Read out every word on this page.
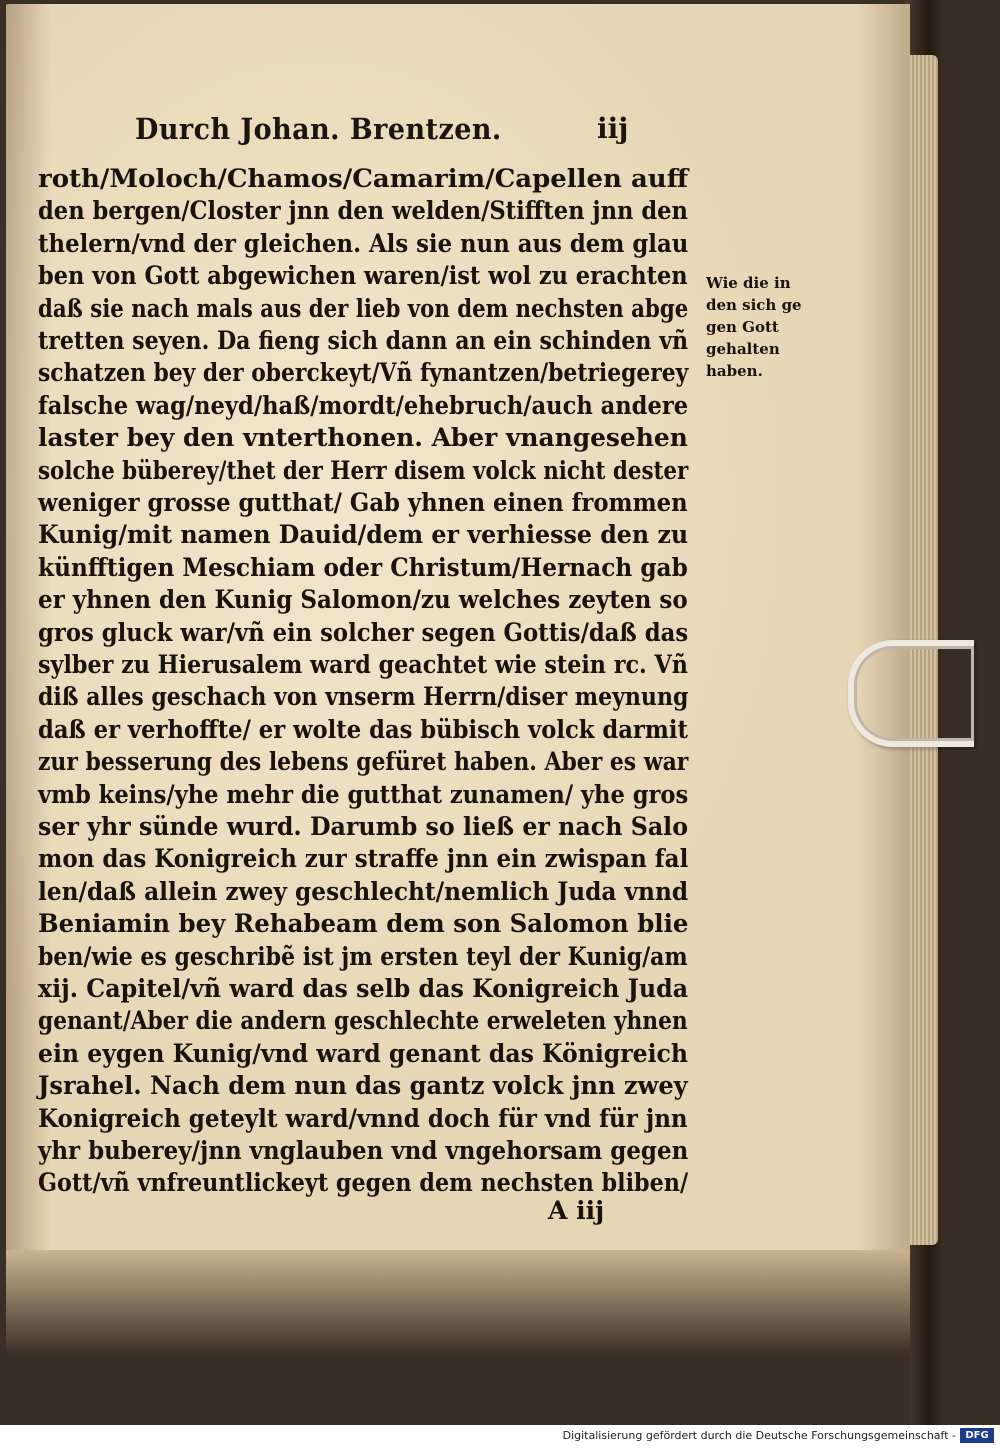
Durch Johan. Brentzen.	iij
roth/Moloch/Chamos/Camarim/Capellen auff
den bergen/Closter jnn den welden/Stifften jnn den
thelern/vnd der gleichen. Als sie nun aus dem glau
ben von Gott abgewichen waren/ist wol zu erachten
daß sie nach mals aus der lieb von dem nechsten abge
tretten seyen. Da fieng sich dann an ein schinden vñ
schatzen bey der oberckeyt/Vñ fynantzen/betriegerey
falsche wag/neyd/haß/mordt/ehebruch/auch andere
laster bey den vnterthonen. Aber vnangesehen
solche büberey/thet der Herr disem volck nicht dester
weniger grosse gutthat/ Gab yhnen einen frommen
Kunig/mit namen Dauid/dem er verhiesse den zu
künfftigen Meschiam oder Christum/Hernach gab
er yhnen den Kunig Salomon/zu welches zeyten so
gros gluck war/vñ ein solcher segen Gottis/daß das
sylber zu Hierusalem ward geachtet wie stein rc. Vñ
diß alles geschach von vnserm Herrn/diser meynung
daß er verhoffte/ er wolte das bübisch volck darmit
zur besserung des lebens gefüret haben. Aber es war
vmb keins/yhe mehr die gutthat zunamen/ yhe gros
ser yhr sünde wurd. Darumb so ließ er nach Salo
mon das Konigreich zur straffe jnn ein zwispan fal
len/daß allein zwey geschlecht/nemlich Juda vnnd
Beniamin bey Rehabeam dem son Salomon blie
ben/wie es geschribẽ ist jm ersten teyl der Kunig/am
xij. Capitel/vñ ward das selb das Konigreich Juda
genant/Aber die andern geschlechte erweleten yhnen
ein eygen Kunig/vnd ward genant das Königreich
Jsrahel. Nach dem nun das gantz volck jnn zwey
Konigreich geteylt ward/vnnd doch für vnd für jnn
yhr buberey/jnn vnglauben vnd vngehorsam gegen
Gott/vñ vnfreuntlickeyt gegen dem nechsten bliben/
Wie die in
den sich ge
gen Gott
gehalten
haben.
A iij
Digitalisierung gefördert durch die Deutsche Forschungsgemeinschaft - DFG
